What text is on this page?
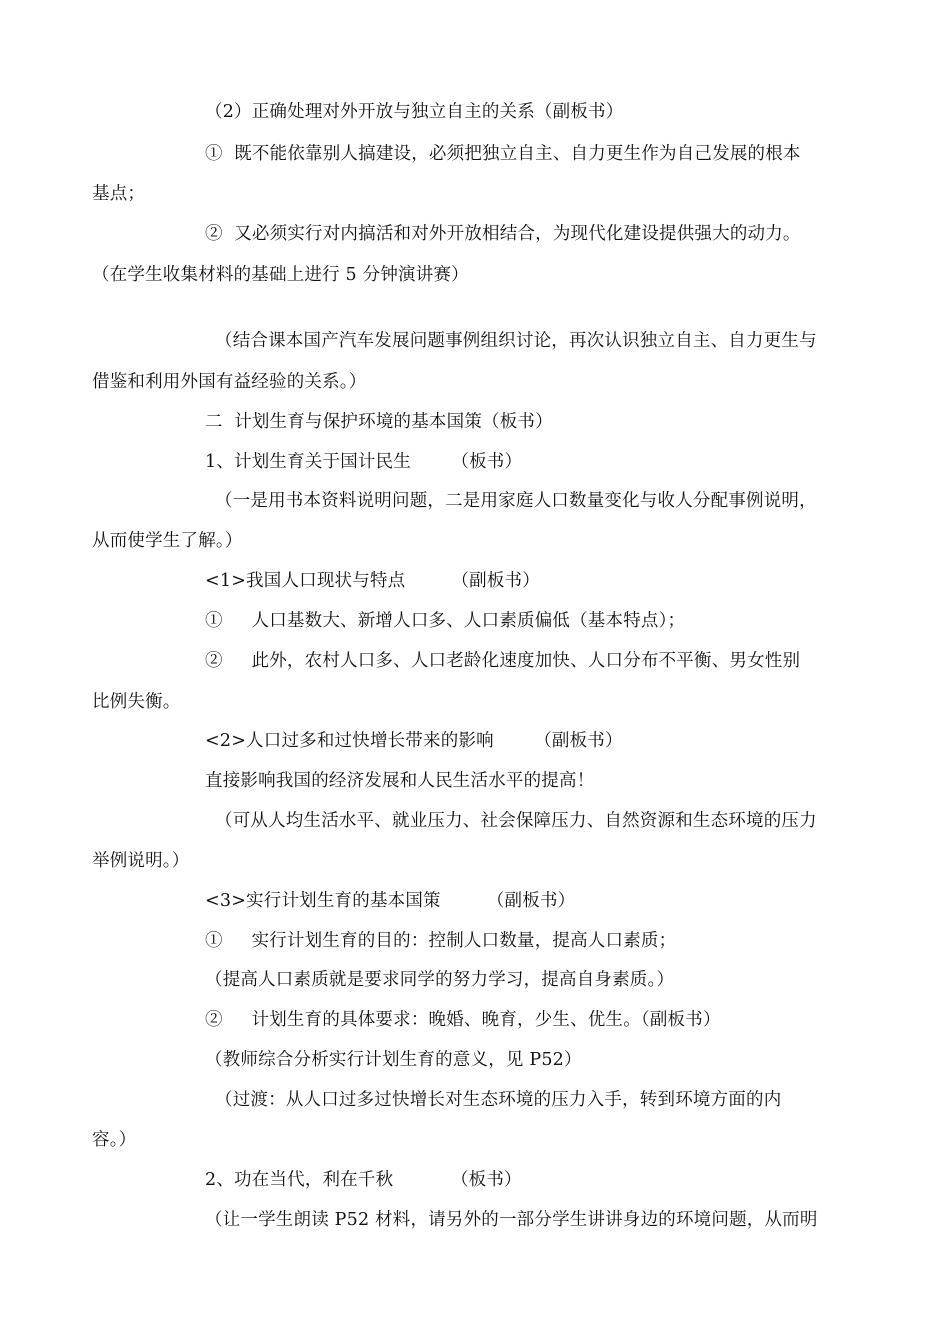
（2）正确处理对外开放与独立自主的关系（副板书）
①  既不能依靠别人搞建设，必须把独立自主、自力更生作为自己发展的根本
基点；
②  又必须实行对内搞活和对外开放相结合，为现代化建设提供强大的动力。
（在学生收集材料的基础上进行 5 分钟演讲赛）
（结合课本国产汽车发展问题事例组织讨论，再次认识独立自主、自力更生与
借鉴和利用外国有益经验的关系。）
二  计划生育与保护环境的基本国策（板书）
1、计划生育关于国计民生       （板书）
（一是用书本资料说明问题，二是用家庭人口数量变化与收人分配事例说明，
从而使学生了解。）
<1>我国人口现状与特点        （副板书）
①     人口基数大、新增人口多、人口素质偏低（基本特点）；
②     此外，农村人口多、人口老龄化速度加快、人口分布不平衡、男女性别
比例失衡。
<2>人口过多和过快增长带来的影响       （副板书）
直接影响我国的经济发展和人民生活水平的提高！
（可从人均生活水平、就业压力、社会保障压力、自然资源和生态环境的压力
举例说明。）
<3>实行计划生育的基本国策        （副板书）
①     实行计划生育的目的：控制人口数量，提高人口素质；
（提高人口素质就是要求同学的努力学习，提高自身素质。）
②     计划生育的具体要求：晚婚、晚育，少生、优生。（副板书）
（教师综合分析实行计划生育的意义，见 P52）
（过渡：从人口过多过快增长对生态环境的压力入手，转到环境方面的内
容。）
2、功在当代，利在千秋          （板书）
（让一学生朗读 P52 材料，请另外的一部分学生讲讲身边的环境问题，从而明
